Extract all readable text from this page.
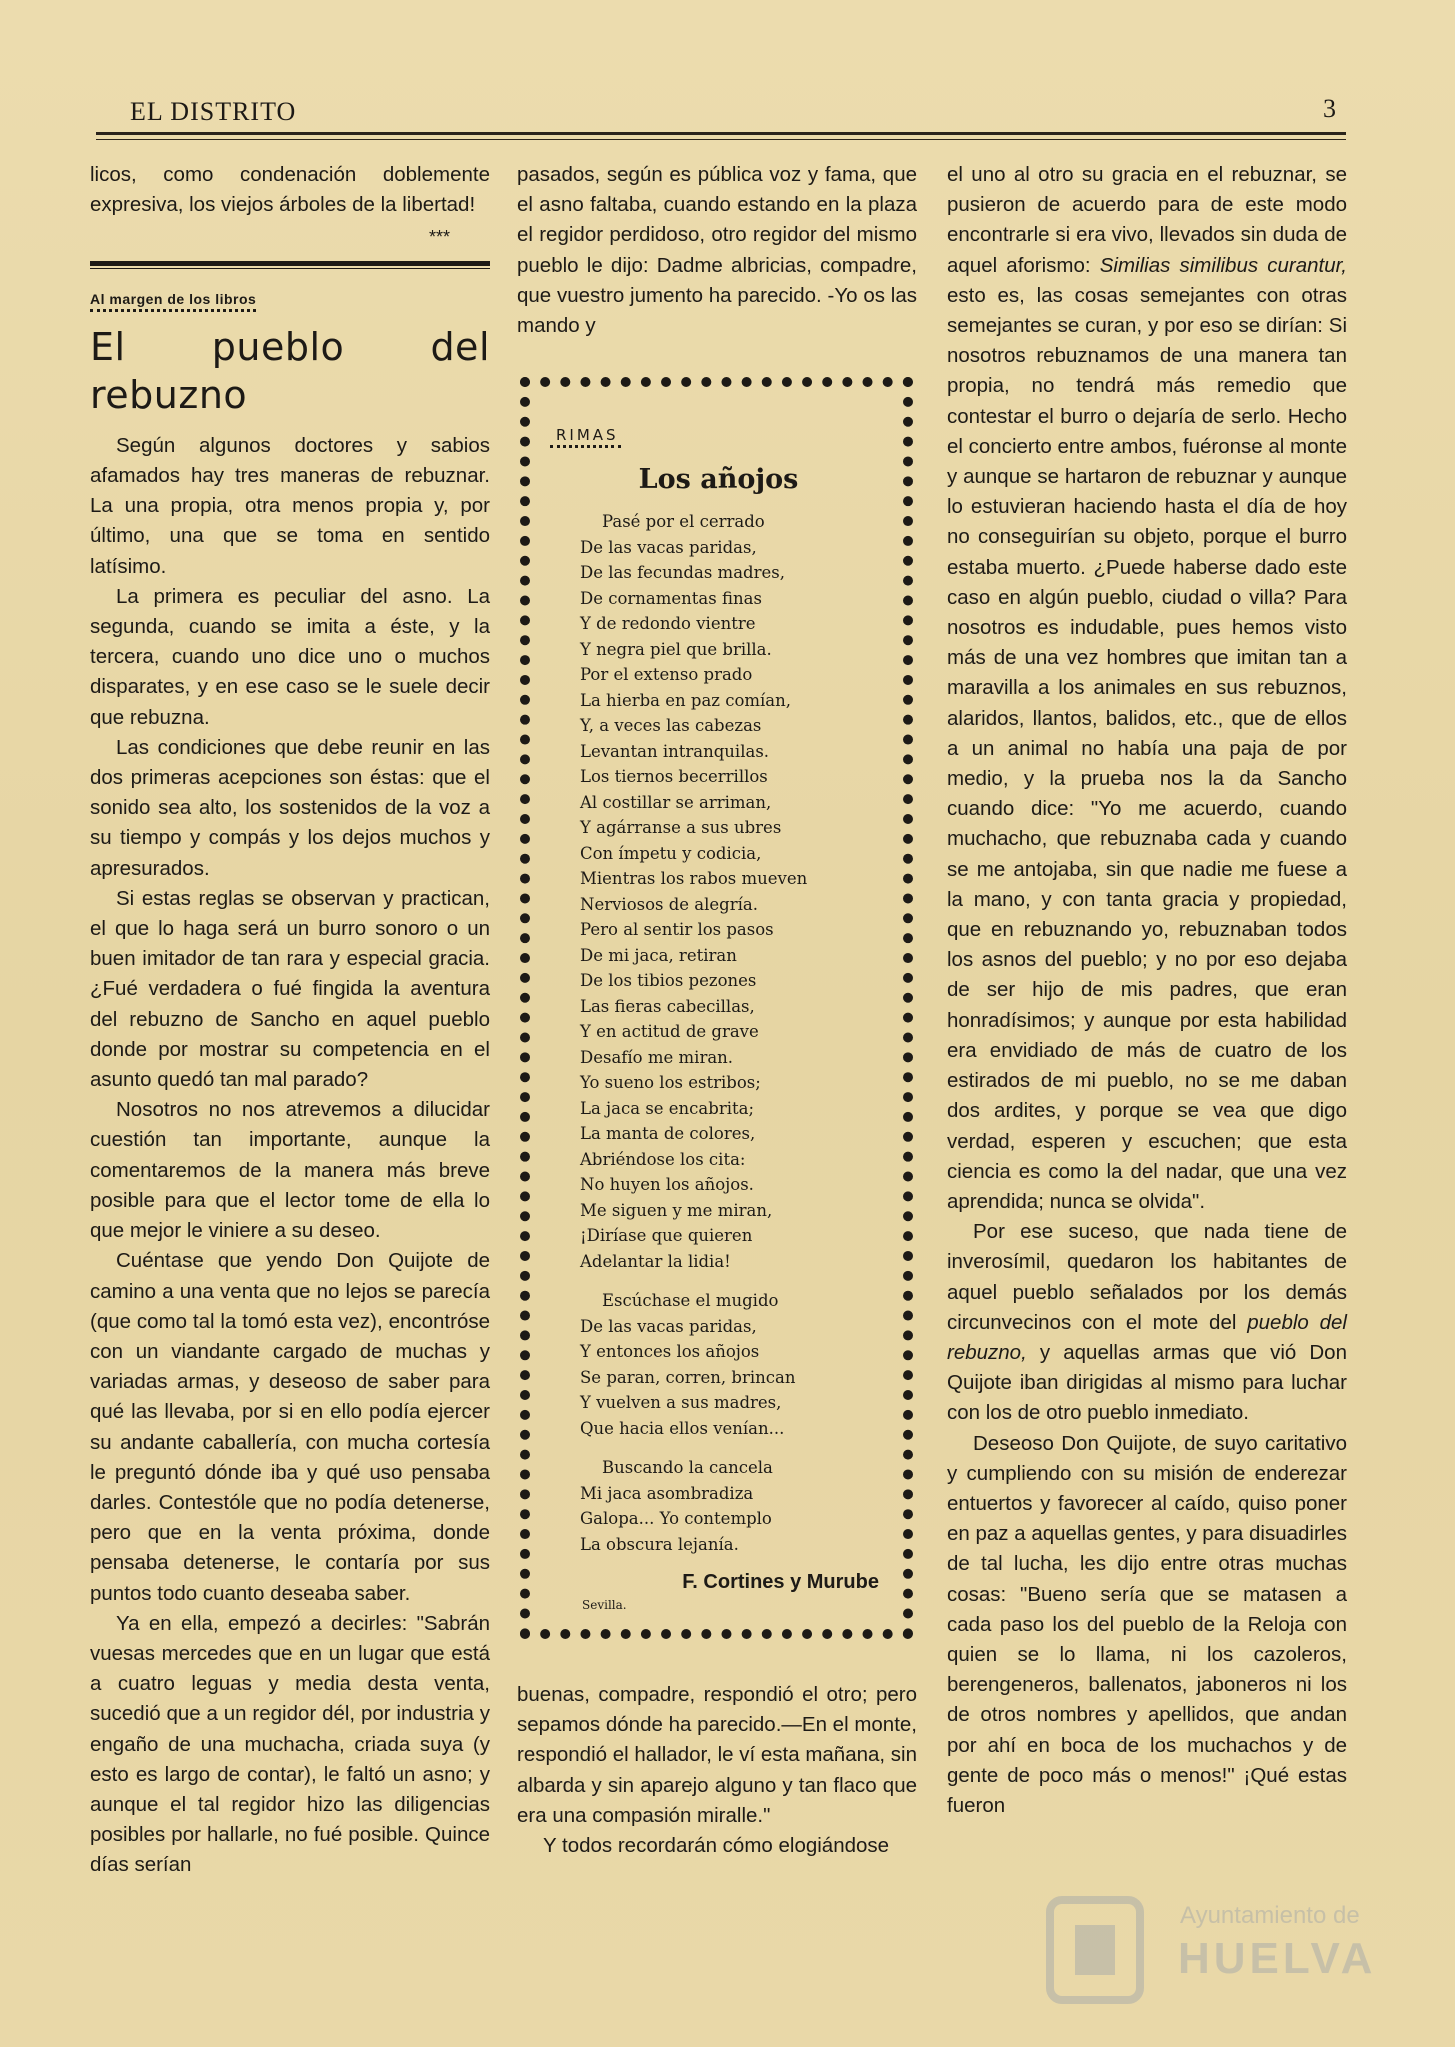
EL DISTRITO	3

licos, como condenación doblemente expresiva, los viejos árboles de la libertad!

***
Al margen de los libros
El pueblo del rebuzno

Según algunos doctores y sabios afamados hay tres maneras de rebuznar. La una propia, otra menos propia y, por último, una que se toma en sentido latísimo.

La primera es peculiar del asno. La segunda, cuando se imita a éste, y la tercera, cuando uno dice uno o muchos disparates, y en ese caso se le suele decir que rebuzna.

Las condiciones que debe reunir en las dos primeras acepciones son éstas: que el sonido sea alto, los sostenidos de la voz a su tiempo y compás y los dejos muchos y apresurados.

Si estas reglas se observan y practican, el que lo haga será un burro sonoro o un buen imitador de tan rara y especial gracia. ¿Fué verdadera o fué fingida la aventura del rebuzno de Sancho en aquel pueblo donde por mostrar su competencia en el asunto quedó tan mal parado?

Nosotros no nos atrevemos a dilucidar cuestión tan importante, aunque la comentaremos de la manera más breve posible para que el lector tome de ella lo que mejor le viniere a su deseo.

Cuéntase que yendo Don Quijote de camino a una venta que no lejos se parecía (que como tal la tomó esta vez), encontróse con un viandante cargado de muchas y variadas armas, y deseoso de saber para qué las llevaba, por si en ello podía ejercer su andante caballería, con mucha cortesía le preguntó dónde iba y qué uso pensaba darles. Contestóle que no podía detenerse, pero que en la venta próxima, donde pensaba detenerse, le contaría por sus puntos todo cuanto deseaba saber.

Ya en ella, empezó a decirles: "Sabrán vuesas mercedes que en un lugar que está a cuatro leguas y media desta venta, sucedió que a un regidor dél, por industria y engaño de una muchacha, criada suya (y esto es largo de contar), le faltó un asno; y aunque el tal regidor hizo las diligencias posibles por hallarle, no fué posible. Quince días serían

pasados, según es pública voz y fama, que el asno faltaba, cuando estando en la plaza el regidor perdidoso, otro regidor del mismo pueblo le dijo: Dadme albricias, compadre, que vuestro jumento ha parecido. -Yo os las mando y

RIMAS
Los añojos
Pasé por el cerrado
De las vacas paridas,
De las fecundas madres,
De cornamentas finas
Y de redondo vientre
Y negra piel que brilla.
Por el extenso prado
La hierba en paz comían,
Y, a veces las cabezas
Levantan intranquilas.
Los tiernos becerrillos
Al costillar se arriman,
Y agárranse a sus ubres
Con ímpetu y codicia,
Mientras los rabos mueven
Nerviosos de alegría.
Pero al sentir los pasos
De mi jaca, retiran
De los tibios pezones
Las fieras cabecillas,
Y en actitud de grave
Desafío me miran.
Yo sueno los estribos;
La jaca se encabrita;
La manta de colores,
Abriéndose los cita:
No huyen los añojos.
Me siguen y me miran,
¡Diríase que quieren
Adelantar la lidia!
Escúchase el mugido
De las vacas paridas,
Y entonces los añojos
Se paran, corren, brincan
Y vuelven a sus madres,
Que hacia ellos venían...
Buscando la cancela
Mi jaca asombradiza
Galopa... Yo contemplo
La obscura lejanía.
F. Cortines y Murube
Sevilla.

buenas, compadre, respondió el otro; pero sepamos dónde ha parecido.—En el monte, respondió el hallador, le ví esta mañana, sin albarda y sin aparejo alguno y tan flaco que era una compasión miralle."

Y todos recordarán cómo elogiándose

el uno al otro su gracia en el rebuznar, se pusieron de acuerdo para de este modo encontrarle si era vivo, llevados sin duda de aquel aforismo: Similias similibus curantur, esto es, las cosas semejantes con otras semejantes se curan, y por eso se dirían: Si nosotros rebuznamos de una manera tan propia, no tendrá más remedio que contestar el burro o dejaría de serlo. Hecho el concierto entre ambos, fuéronse al monte y aunque se hartaron de rebuznar y aunque lo estuvieran haciendo hasta el día de hoy no conseguirían su objeto, porque el burro estaba muerto. ¿Puede haberse dado este caso en algún pueblo, ciudad o villa? Para nosotros es indudable, pues hemos visto más de una vez hombres que imitan tan a maravilla a los animales en sus rebuznos, alaridos, llantos, balidos, etc., que de ellos a un animal no había una paja de por medio, y la prueba nos la da Sancho cuando dice: "Yo me acuerdo, cuando muchacho, que rebuznaba cada y cuando se me antojaba, sin que nadie me fuese a la mano, y con tanta gracia y propiedad, que en rebuznando yo, rebuznaban todos los asnos del pueblo; y no por eso dejaba de ser hijo de mis padres, que eran honradísimos; y aunque por esta habilidad era envidiado de más de cuatro de los estirados de mi pueblo, no se me daban dos ardites, y porque se vea que digo verdad, esperen y escuchen; que esta ciencia es como la del nadar, que una vez aprendida; nunca se olvida".

Por ese suceso, que nada tiene de inverosímil, quedaron los habitantes de aquel pueblo señalados por los demás circunvecinos con el mote del pueblo del rebuzno, y aquellas armas que vió Don Quijote iban dirigidas al mismo para luchar con los de otro pueblo inmediato.

Deseoso Don Quijote, de suyo caritativo y cumpliendo con su misión de enderezar entuertos y favorecer al caído, quiso poner en paz a aquellas gentes, y para disuadirles de tal lucha, les dijo entre otras muchas cosas: "Bueno sería que se matasen a cada paso los del pueblo de la Reloja con quien se lo llama, ni los cazoleros, berengeneros, ballenatos, jaboneros ni los de otros nombres y apellidos, que andan por ahí en boca de los muchachos y de gente de poco más o menos!" ¡Qué estas fueron

Ayuntamiento de
HUELVA
